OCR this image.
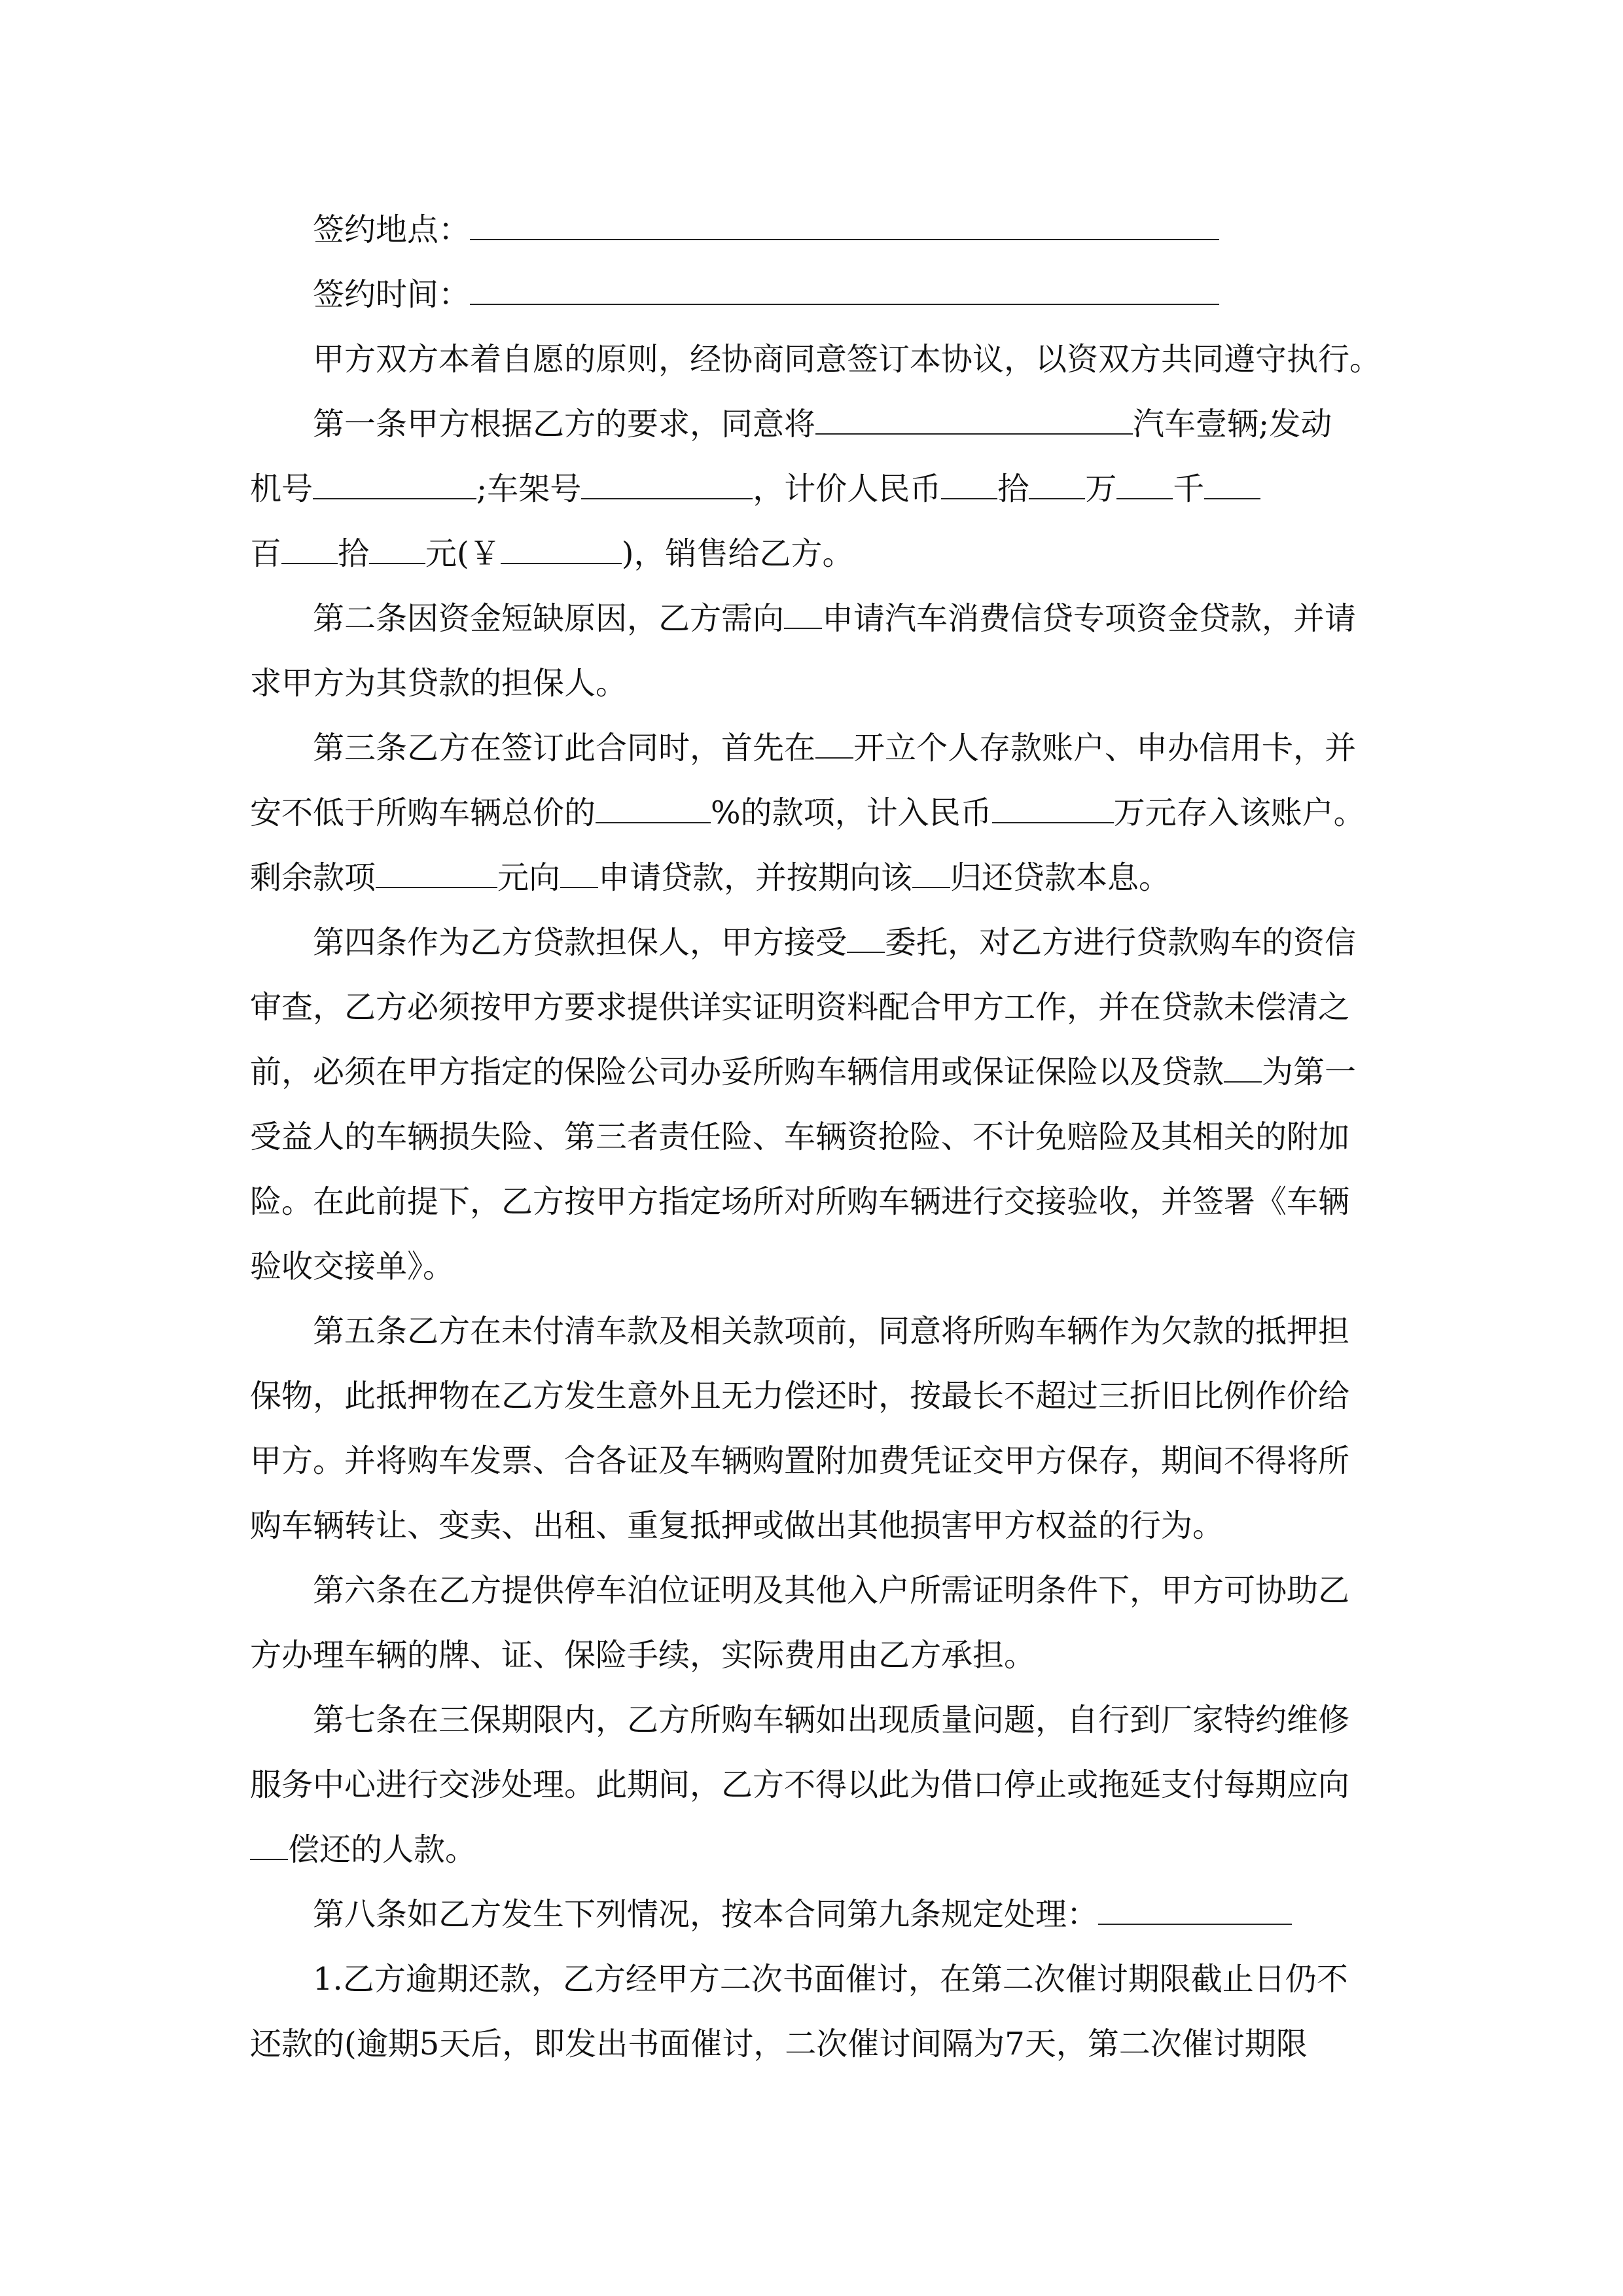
签约地点：
签约时间：
甲方双方本着自愿的原则，经协商同意签订本协议，以资双方共同遵守执行。
第一条甲方根据乙方的要求，同意将	汽车壹辆;发动
机号	;车架号	，计价人民币 拾 万 千
百 拾 元(￥	)，销售给乙方。
第二条因资金短缺原因，乙方需向 申请汽车消费信贷专项资金贷款，并请
求甲方为其贷款的担保人。
第三条乙方在签订此合同时，首先在 开立个人存款账户、申办信用卡，并
安不低于所购车辆总价的	%的款项，计入民币	万元存入该账户。
剩余款项	元向 申请贷款，并按期向该 归还贷款本息。
第四条作为乙方贷款担保人，甲方接受 委托，对乙方进行贷款购车的资信
审查，乙方必须按甲方要求提供详实证明资料配合甲方工作，并在贷款未偿清之
前，必须在甲方指定的保险公司办妥所购车辆信用或保证保险以及贷款 为第一
受益人的车辆损失险、第三者责任险、车辆资抢险、不计免赔险及其相关的附加
险。在此前提下，乙方按甲方指定场所对所购车辆进行交接验收，并签署《车辆
验收交接单》。
第五条乙方在未付清车款及相关款项前，同意将所购车辆作为欠款的抵押担
保物，此抵押物在乙方发生意外且无力偿还时，按最长不超过三折旧比例作价给
甲方。并将购车发票、合各证及车辆购置附加费凭证交甲方保存，期间不得将所
购车辆转让、变卖、出租、重复抵押或做出其他损害甲方权益的行为。
第六条在乙方提供停车泊位证明及其他入户所需证明条件下，甲方可协助乙
方办理车辆的牌、证、保险手续，实际费用由乙方承担。
第七条在三保期限内，乙方所购车辆如出现质量问题，自行到厂家特约维修
服务中心进行交涉处理。此期间，乙方不得以此为借口停止或拖延支付每期应向
偿还的人款。
第八条如乙方发生下列情况，按本合同第九条规定处理：
1.乙方逾期还款，乙方经甲方二次书面催讨，在第二次催讨期限截止日仍不
还款的(逾期5天后，即发出书面催讨，二次催讨间隔为7天，第二次催讨期限
